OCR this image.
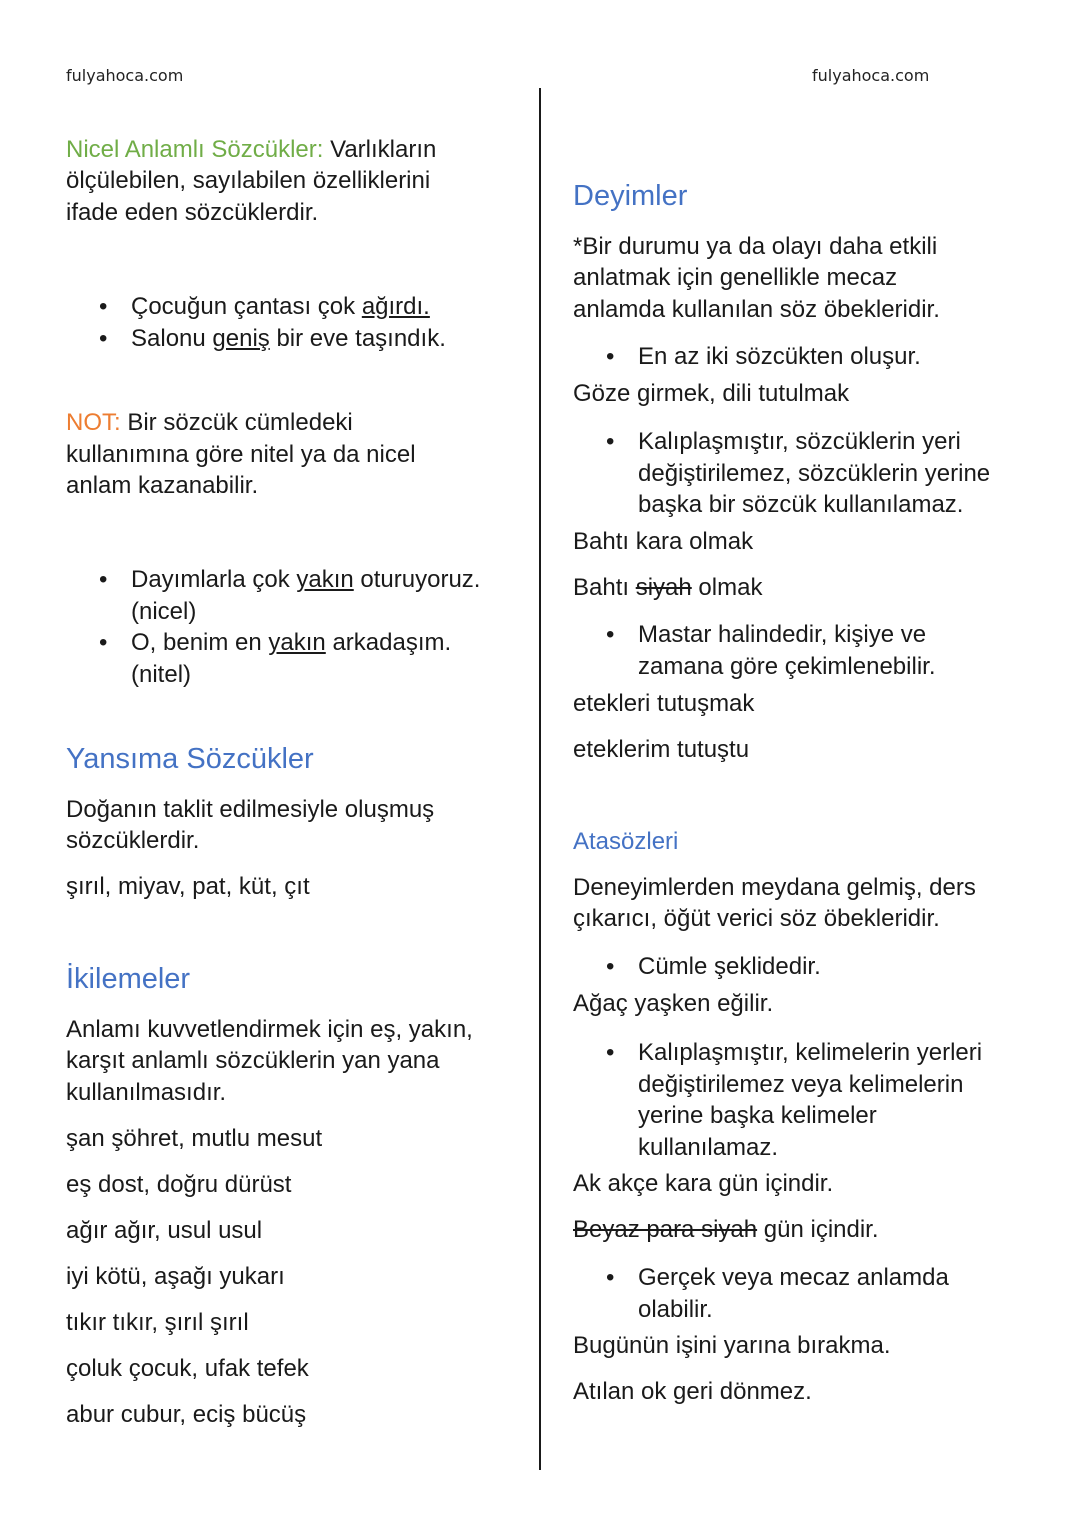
fulyahoca.com	fulyahoca.com

Nicel Anlamlı Sözcükler: Varlıkların

ölçülebilen, sayılabilen özelliklerini

ifade eden sözcüklerdir.

• Çocuğun çantası çok ağırdı.
• Salonu geniş bir eve taşındık.

NOT: Bir sözcük cümledeki

kullanımına göre nitel ya da nicel

anlam kazanabilir.

• Dayımlarla çok yakın oturuyoruz.
(nicel)
• O, benim en yakın arkadaşım.
(nitel)
Yansıma Sözcükler

Doğanın taklit edilmesiyle oluşmuş

sözcüklerdir.

şırıl, miyav, pat, küt, çıt

İkilemeler

Anlamı kuvvetlendirmek için eş, yakın,

karşıt anlamlı sözcüklerin yan yana

kullanılmasıdır.

şan şöhret, mutlu mesut

eş dost, doğru dürüst

ağır ağır, usul usul

iyi kötü, aşağı yukarı

tıkır tıkır, şırıl şırıl

çoluk çocuk, ufak tefek

abur cubur, eciş bücüş

Deyimler

*Bir durumu ya da olayı daha etkili

anlatmak için genellikle mecaz

anlamda kullanılan söz öbekleridir.

• En az iki sözcükten oluşur.

Göze girmek, dili tutulmak

• Kalıplaşmıştır, sözcüklerin yeri
değiştirilemez, sözcüklerin yerine
başka bir sözcük kullanılamaz.

Bahtı kara olmak

Bahtı siyah olmak

• Mastar halindedir, kişiye ve
zamana göre çekimlenebilir.

etekleri tutuşmak

eteklerim tutuştu

Atasözleri

Deneyimlerden meydana gelmiş, ders

çıkarıcı, öğüt verici söz öbekleridir.

• Cümle şeklidedir.

Ağaç yaşken eğilir.

• Kalıplaşmıştır, kelimelerin yerleri
değiştirilemez veya kelimelerin
yerine başka kelimeler
kullanılamaz.

Ak akçe kara gün içindir.

Beyaz para siyah gün içindir.

• Gerçek veya mecaz anlamda
olabilir.

Bugünün işini yarına bırakma.

Atılan ok geri dönmez.
